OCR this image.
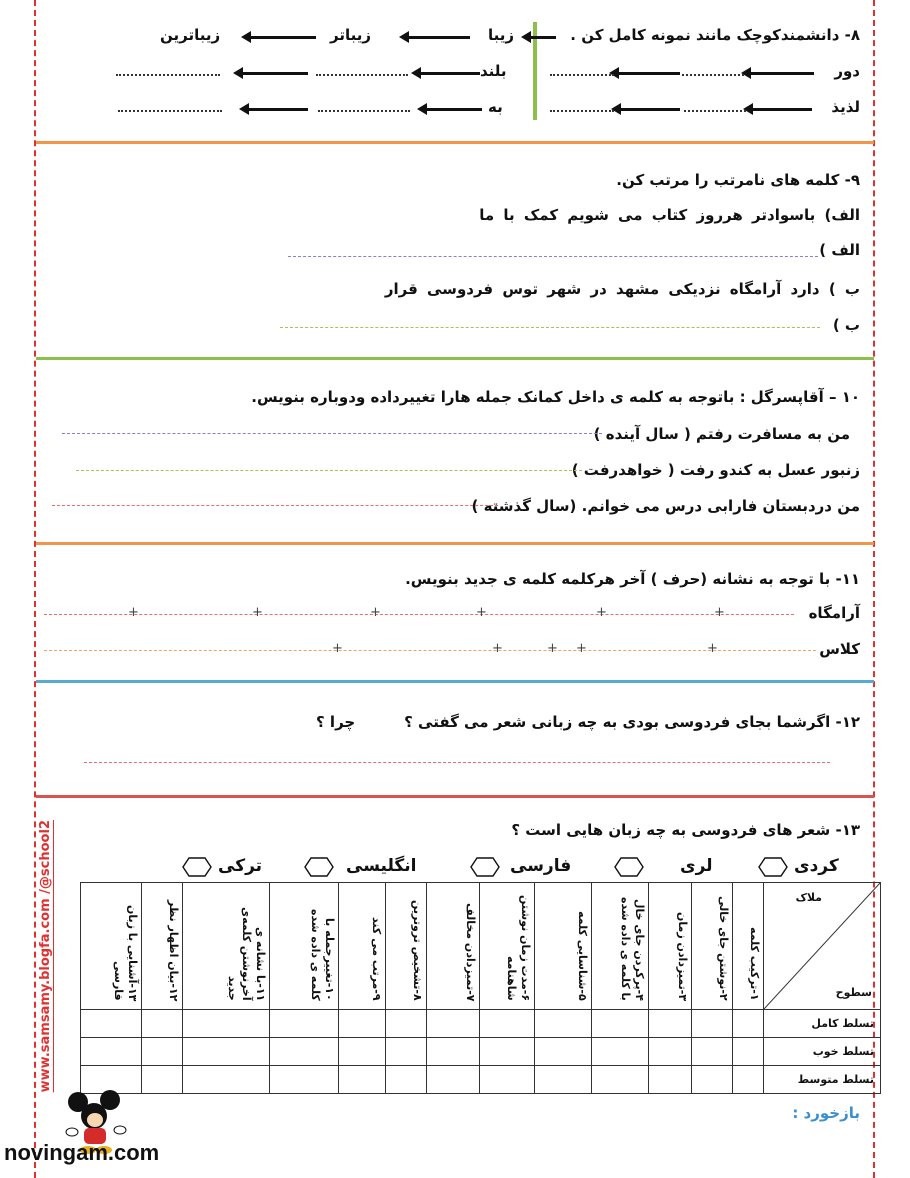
۸- دانشمندکوچک مانند نمونه کامل کن .
زیبا
زیباتر
زیباترین
دور
بلند
لذیذ
به
۹- کلمه های نامرتب را مرتب کن.
الف) باسوادتر هرروز کتاب می شویم کمک با ما
الف )
ب ) دارد آرامگاه نزدیکی مشهد در شهر توس فردوسی قرار
ب )
۱۰ – آقاپسرگل : باتوجه به کلمه ی داخل کمانک جمله هارا تغییرداده ودوباره بنویس.
من به مسافرت رفتم ( سال آینده )
زنبور عسل به کندو رفت ( خواهدرفت )
من دردبستان فارابی درس می خوانم. (سال گذشته )
۱۱- با توجه به نشانه (حرف ) آخر هرکلمه کلمه ی جدید بنویس.
آرامگاه
+	+	+	+	+	+
کلاس
+	+	+ +	+
۱۲- اگرشما بجای فردوسی بودی به چه زبانی شعر می گفتی ؟
چرا ؟
۱۳- شعر های فردوسی به چه زبان هایی است ؟
کردی
لری
فارسی
انگلیسی
ترکی
ملاک
سطوح	۱-ترکیب کلمه	۲-نوشتن جای خالی	۳-تمیزدادن زمان	۴-پرکردن جای خال با کلمه ی داده شده	۵-شناسایی کلمه	۶-مدت زمان نوشتن شاهنامه	۷-تمیزدادن مخالف	۸-تشخیص تروترین	۹-مرتب می کند	۱۰-تغییرجمله با کلمه ی داده شده	۱۱-با نشانه ی آخرنوشتن کلمه‌ی جدید	۱۲-بیان اظهار نظر	۱۳-آشنایی با زبان فارسی

تسلط کامل													
تسلط خوب													
تسلط متوسط													
بازخورد :
www.samsamy.blogfa.com /@school2
novingam.com
